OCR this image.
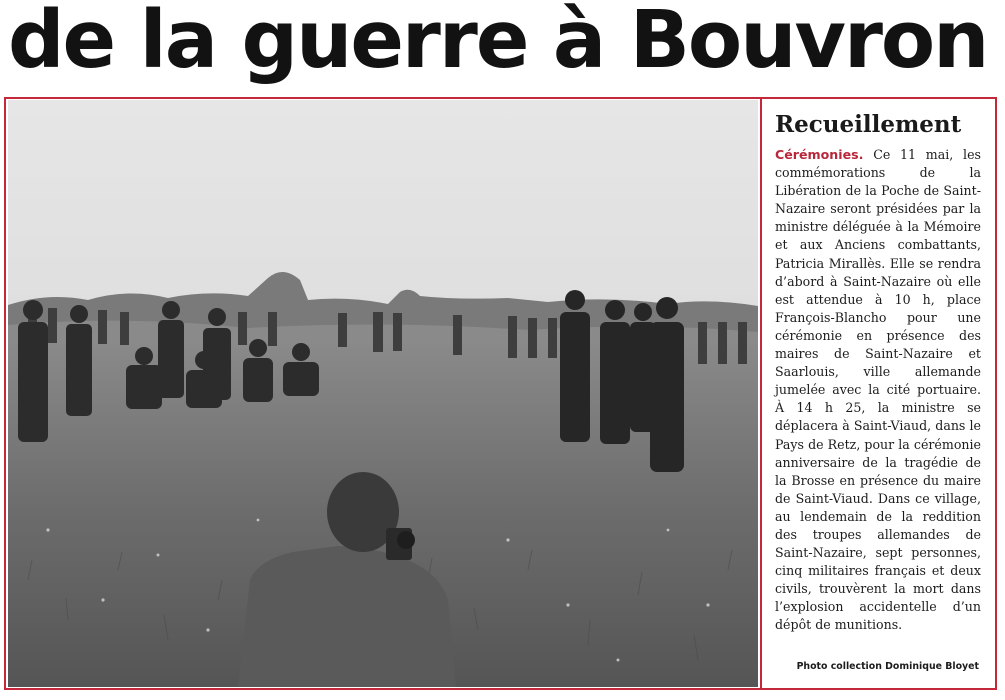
de la guerre à Bouvron
Recueillement

Cérémonies. Ce 11 mai, les commémorations de la Libération de la Poche de Saint-Nazaire seront présidées par la ministre déléguée à la Mémoire et aux Anciens combattants, Patricia Mirallès. Elle se rendra d’abord à Saint-Nazaire où elle est attendue à 10 h, place François-Blancho pour une cérémonie en présence des maires de Saint-Nazaire et Saarlouis, ville allemande jumelée avec la cité portuaire. À 14 h 25, la ministre se déplacera à Saint-Viaud, dans le Pays de Retz, pour la cérémonie anniversaire de la tragédie de la Brosse en présence du maire de Saint-Viaud. Dans ce village, au lendemain de la reddition des troupes allemandes de Saint-Nazaire, sept personnes, cinq militaires français et deux civils, trouvèrent la mort dans l’explosion accidentelle d’un dépôt de munitions.

Photo collection Dominique Bloyet
